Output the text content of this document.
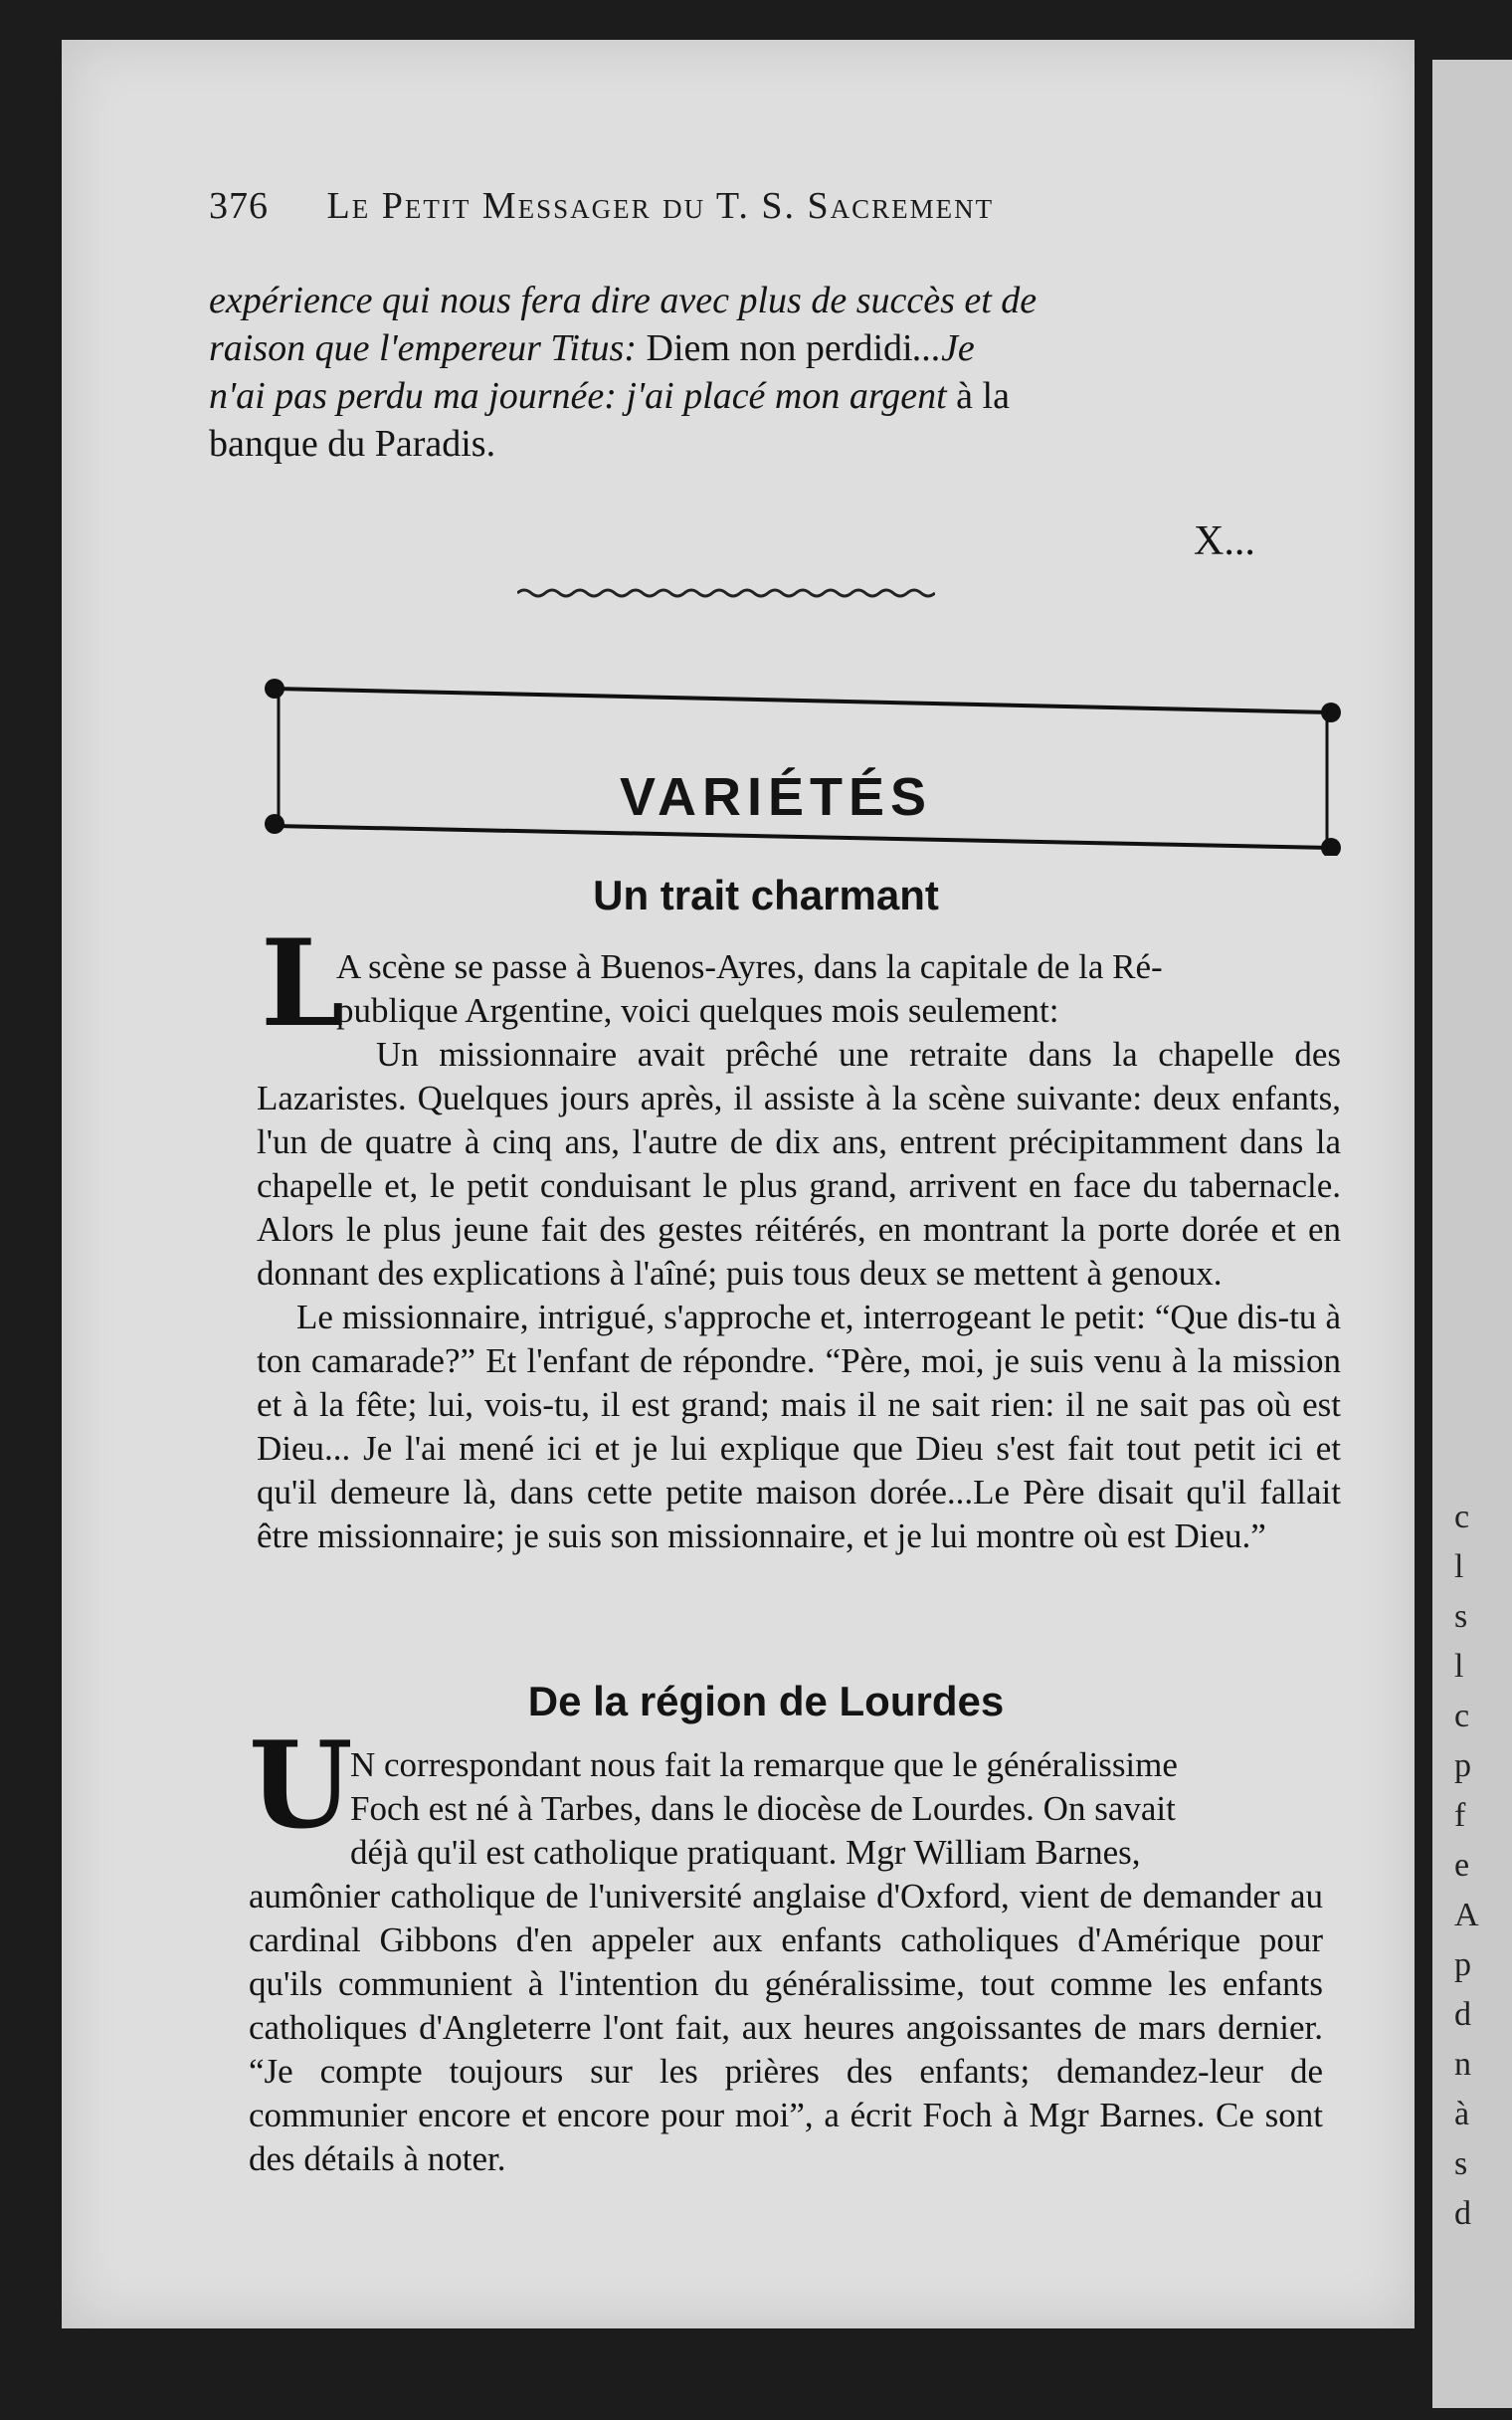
c
l
s
l
c
p
f
e
A
p
d
n
à
s
d
376 Le Petit Messager du T. S. Sacrement
expérience qui nous fera dire avec plus de succès et de
raison que l'empereur Titus: Diem non perdidi...Je
n'ai pas perdu ma journée: j'ai placé mon argent à la
banque du Paradis.
X...
VARIÉTÉS
Un trait charmant
L

A scène se passe à Buenos-Ayres, dans la capitale de la Ré-
publique Argentine, voici quelques mois seulement:

Un missionnaire avait prêché une retraite dans la chapelle des Lazaristes. Quelques jours après, il assiste à la scène suivante: deux enfants, l'un de quatre à cinq ans, l'autre de dix ans, entrent précipitamment dans la chapelle et, le petit conduisant le plus grand, arrivent en face du tabernacle. Alors le plus jeune fait des gestes réitérés, en montrant la porte dorée et en donnant des explications à l'aîné; puis tous deux se mettent à genoux.

Le missionnaire, intrigué, s'approche et, interrogeant le petit: “Que dis-tu à ton camarade?” Et l'enfant de répondre. “Père, moi, je suis venu à la mission et à la fête; lui, vois-tu, il est grand; mais il ne sait rien: il ne sait pas où est Dieu... Je l'ai mené ici et je lui explique que Dieu s'est fait tout petit ici et qu'il demeure là, dans cette petite maison dorée...Le Père disait qu'il fallait être missionnaire; je suis son missionnaire, et je lui montre où est Dieu.”

De la région de Lourdes
U
N correspondant nous fait la remarque que le généralissime
Foch est né à Tarbes, dans le diocèse de Lourdes. On savait
déjà qu'il est catholique pratiquant. Mgr William Barnes,

aumônier catholique de l'université anglaise d'Oxford, vient de demander au cardinal Gibbons d'en appeler aux enfants catholiques d'Amérique pour qu'ils communient à l'intention du généralissime, tout comme les enfants catholiques d'Angleterre l'ont fait, aux heures angoissantes de mars dernier. “Je compte toujours sur les prières des enfants; demandez-leur de communier encore et encore pour moi”, a écrit Foch à Mgr Barnes. Ce sont des détails à noter.
